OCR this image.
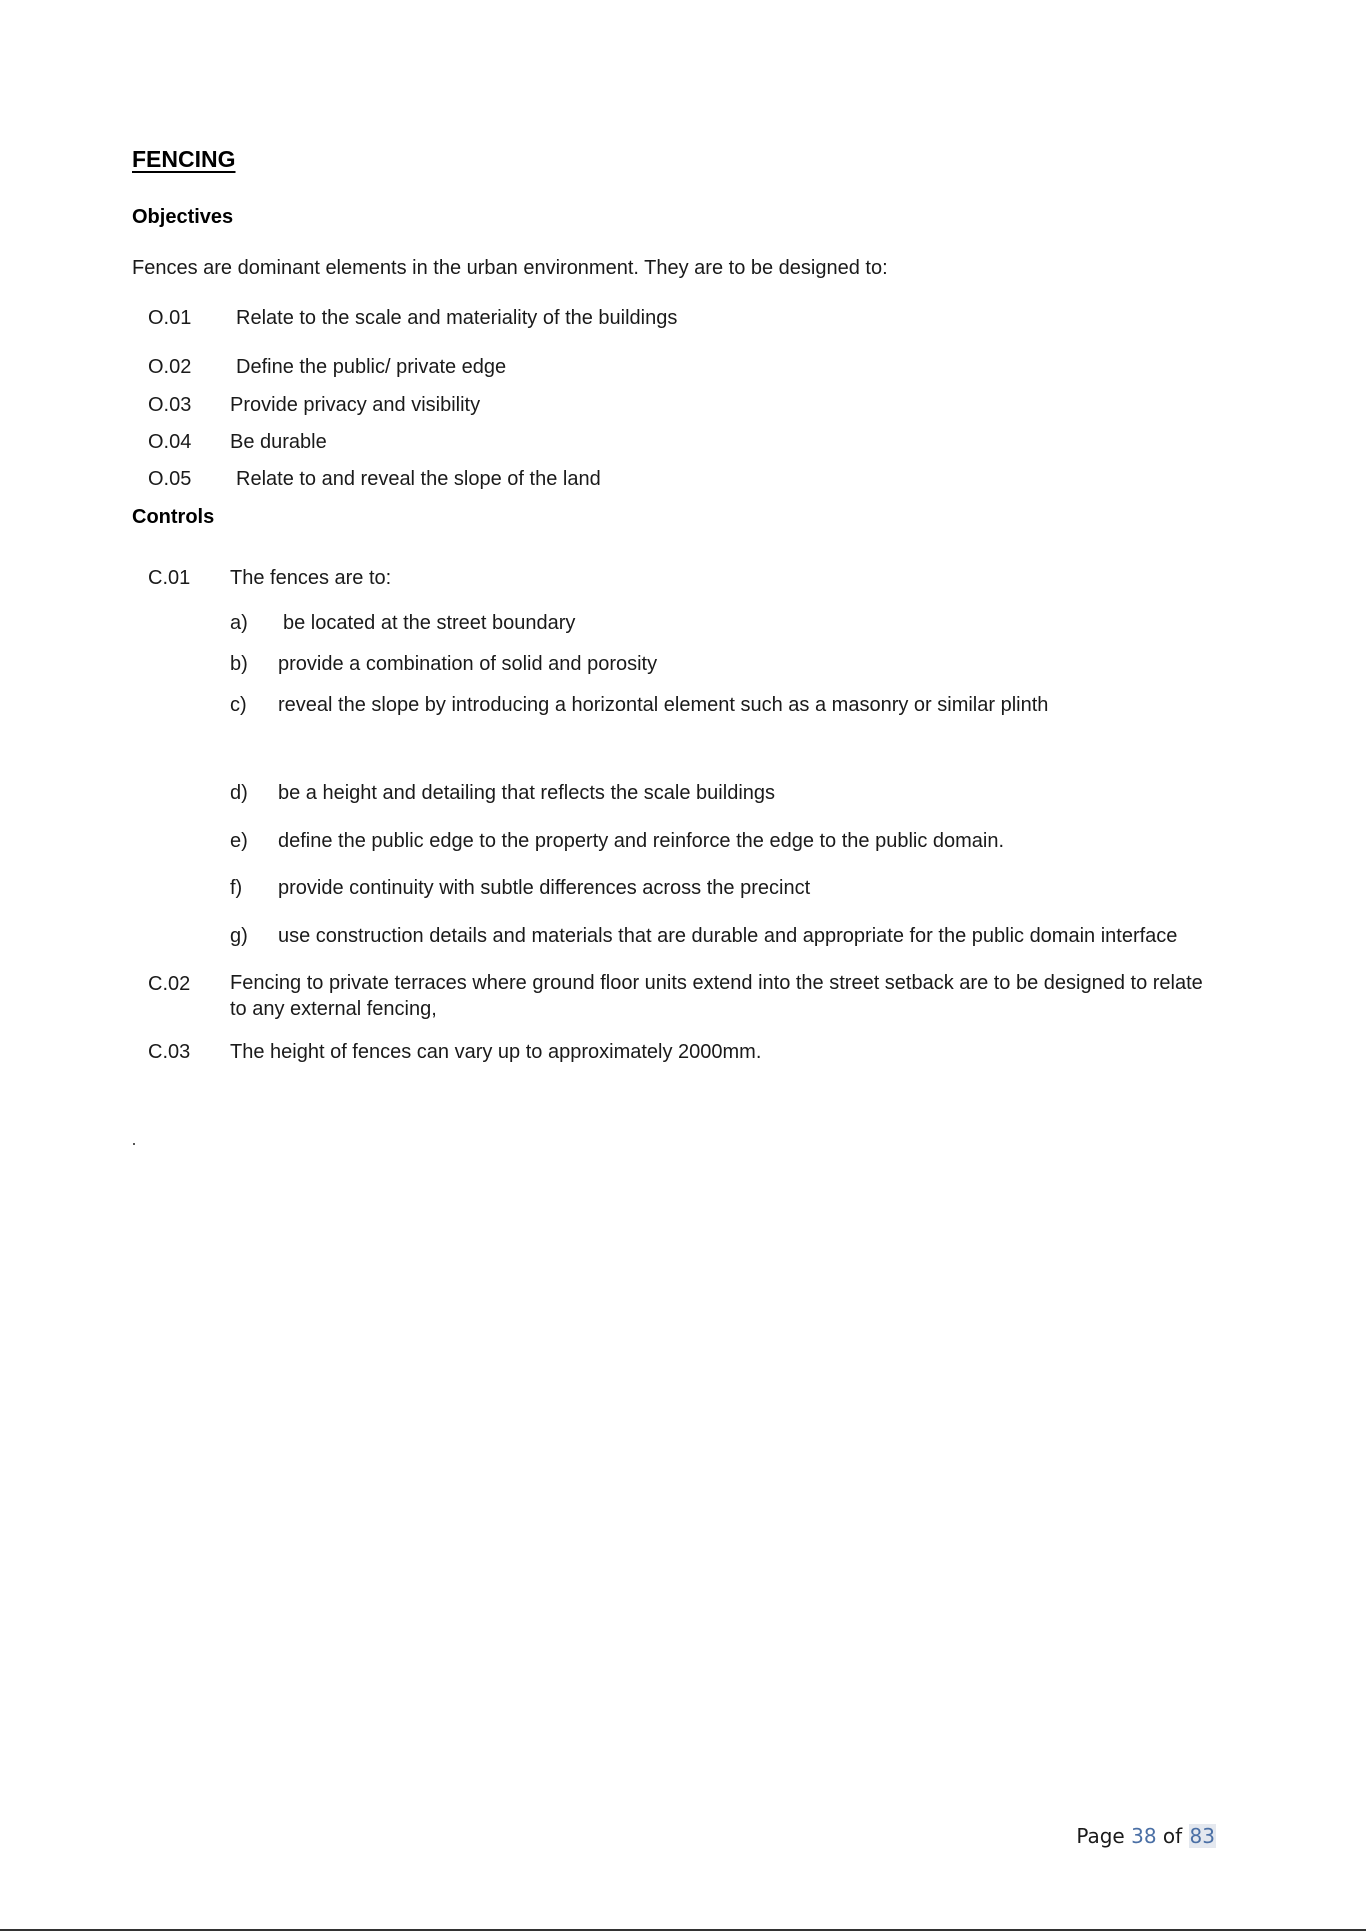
FENCING
Objectives
Fences are dominant elements in the urban environment. They are to be designed to:
O.01 Relate to the scale and materiality of the buildings
O.02 Define the public/ private edge
O.03 Provide privacy and visibility
O.04 Be durable
O.05 Relate to and reveal the slope of the land
Controls
C.01 The fences are to:
a) be located at the street boundary
b) provide a combination of solid and porosity
c) reveal the slope by introducing a horizontal element such as a masonry or similar plinth
d) be a height and detailing that reflects the scale buildings
e) define the public edge to the property and reinforce the edge to the public domain.
f) provide continuity with subtle differences across the precinct
g) use construction details and materials that are durable and appropriate for the public domain interface
C.02 Fencing to private terraces where ground floor units extend into the street setback are to be designed to relate to any external fencing,
C.03 The height of fences can vary up to approximately 2000mm.
Page 38 of 83
